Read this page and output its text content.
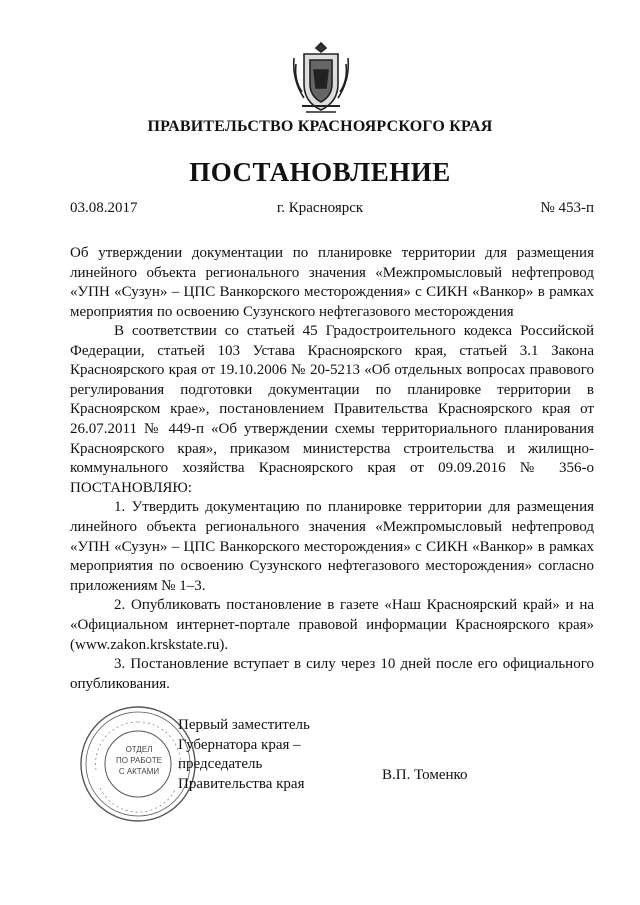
ПРАВИТЕЛЬСТВО КРАСНОЯРСКОГО КРАЯ
ПОСТАНОВЛЕНИЕ
03.08.2017	г. Красноярск	№ 453-п
Об утверждении документации по планировке территории для размещения линейного объекта регионального значения «Межпромысловый нефтепровод «УПН «Сузун» – ЦПС Ванкорского месторождения» с СИКН «Ванкор» в рамках мероприятия по освоению Сузунского нефтегазового месторождения

В соответствии со статьей 45 Градостроительного кодекса Российской Федерации, статьей 103 Устава Красноярского края, статьей 3.1 Закона Красноярского края от 19.10.2006 № 20-5213 «Об отдельных вопросах правового регулирования подготовки документации по планировке территории в Красноярском крае», постановлением Правительства Красноярского края от 26.07.2011 № 449-п «Об утверждении схемы территориального планирования Красноярского края», приказом министерства строительства и жилищно-коммунального хозяйства Красноярского края от 09.09.2016 № 356-о ПОСТАНОВЛЯЮ:

1. Утвердить документацию по планировке территории для размещения линейного объекта регионального значения «Межпромысловый нефтепровод «УПН «Сузун» – ЦПС Ванкорского месторождения» с СИКН «Ванкор» в рамках мероприятия по освоению Сузунского нефтегазового месторождения» согласно приложениям № 1–3.

2. Опубликовать постановление в газете «Наш Красноярский край» и на «Официальном интернет-портале правовой информации Красноярского края» (www.zakon.krskstate.ru).

3. Постановление вступает в силу через 10 дней после его официального опубликования.

ОТДЕЛ
ПО РАБОТЕ
С АКТАМИ
Первый заместитель Губернатора края – председатель Правительства края
В.П. Томенко
